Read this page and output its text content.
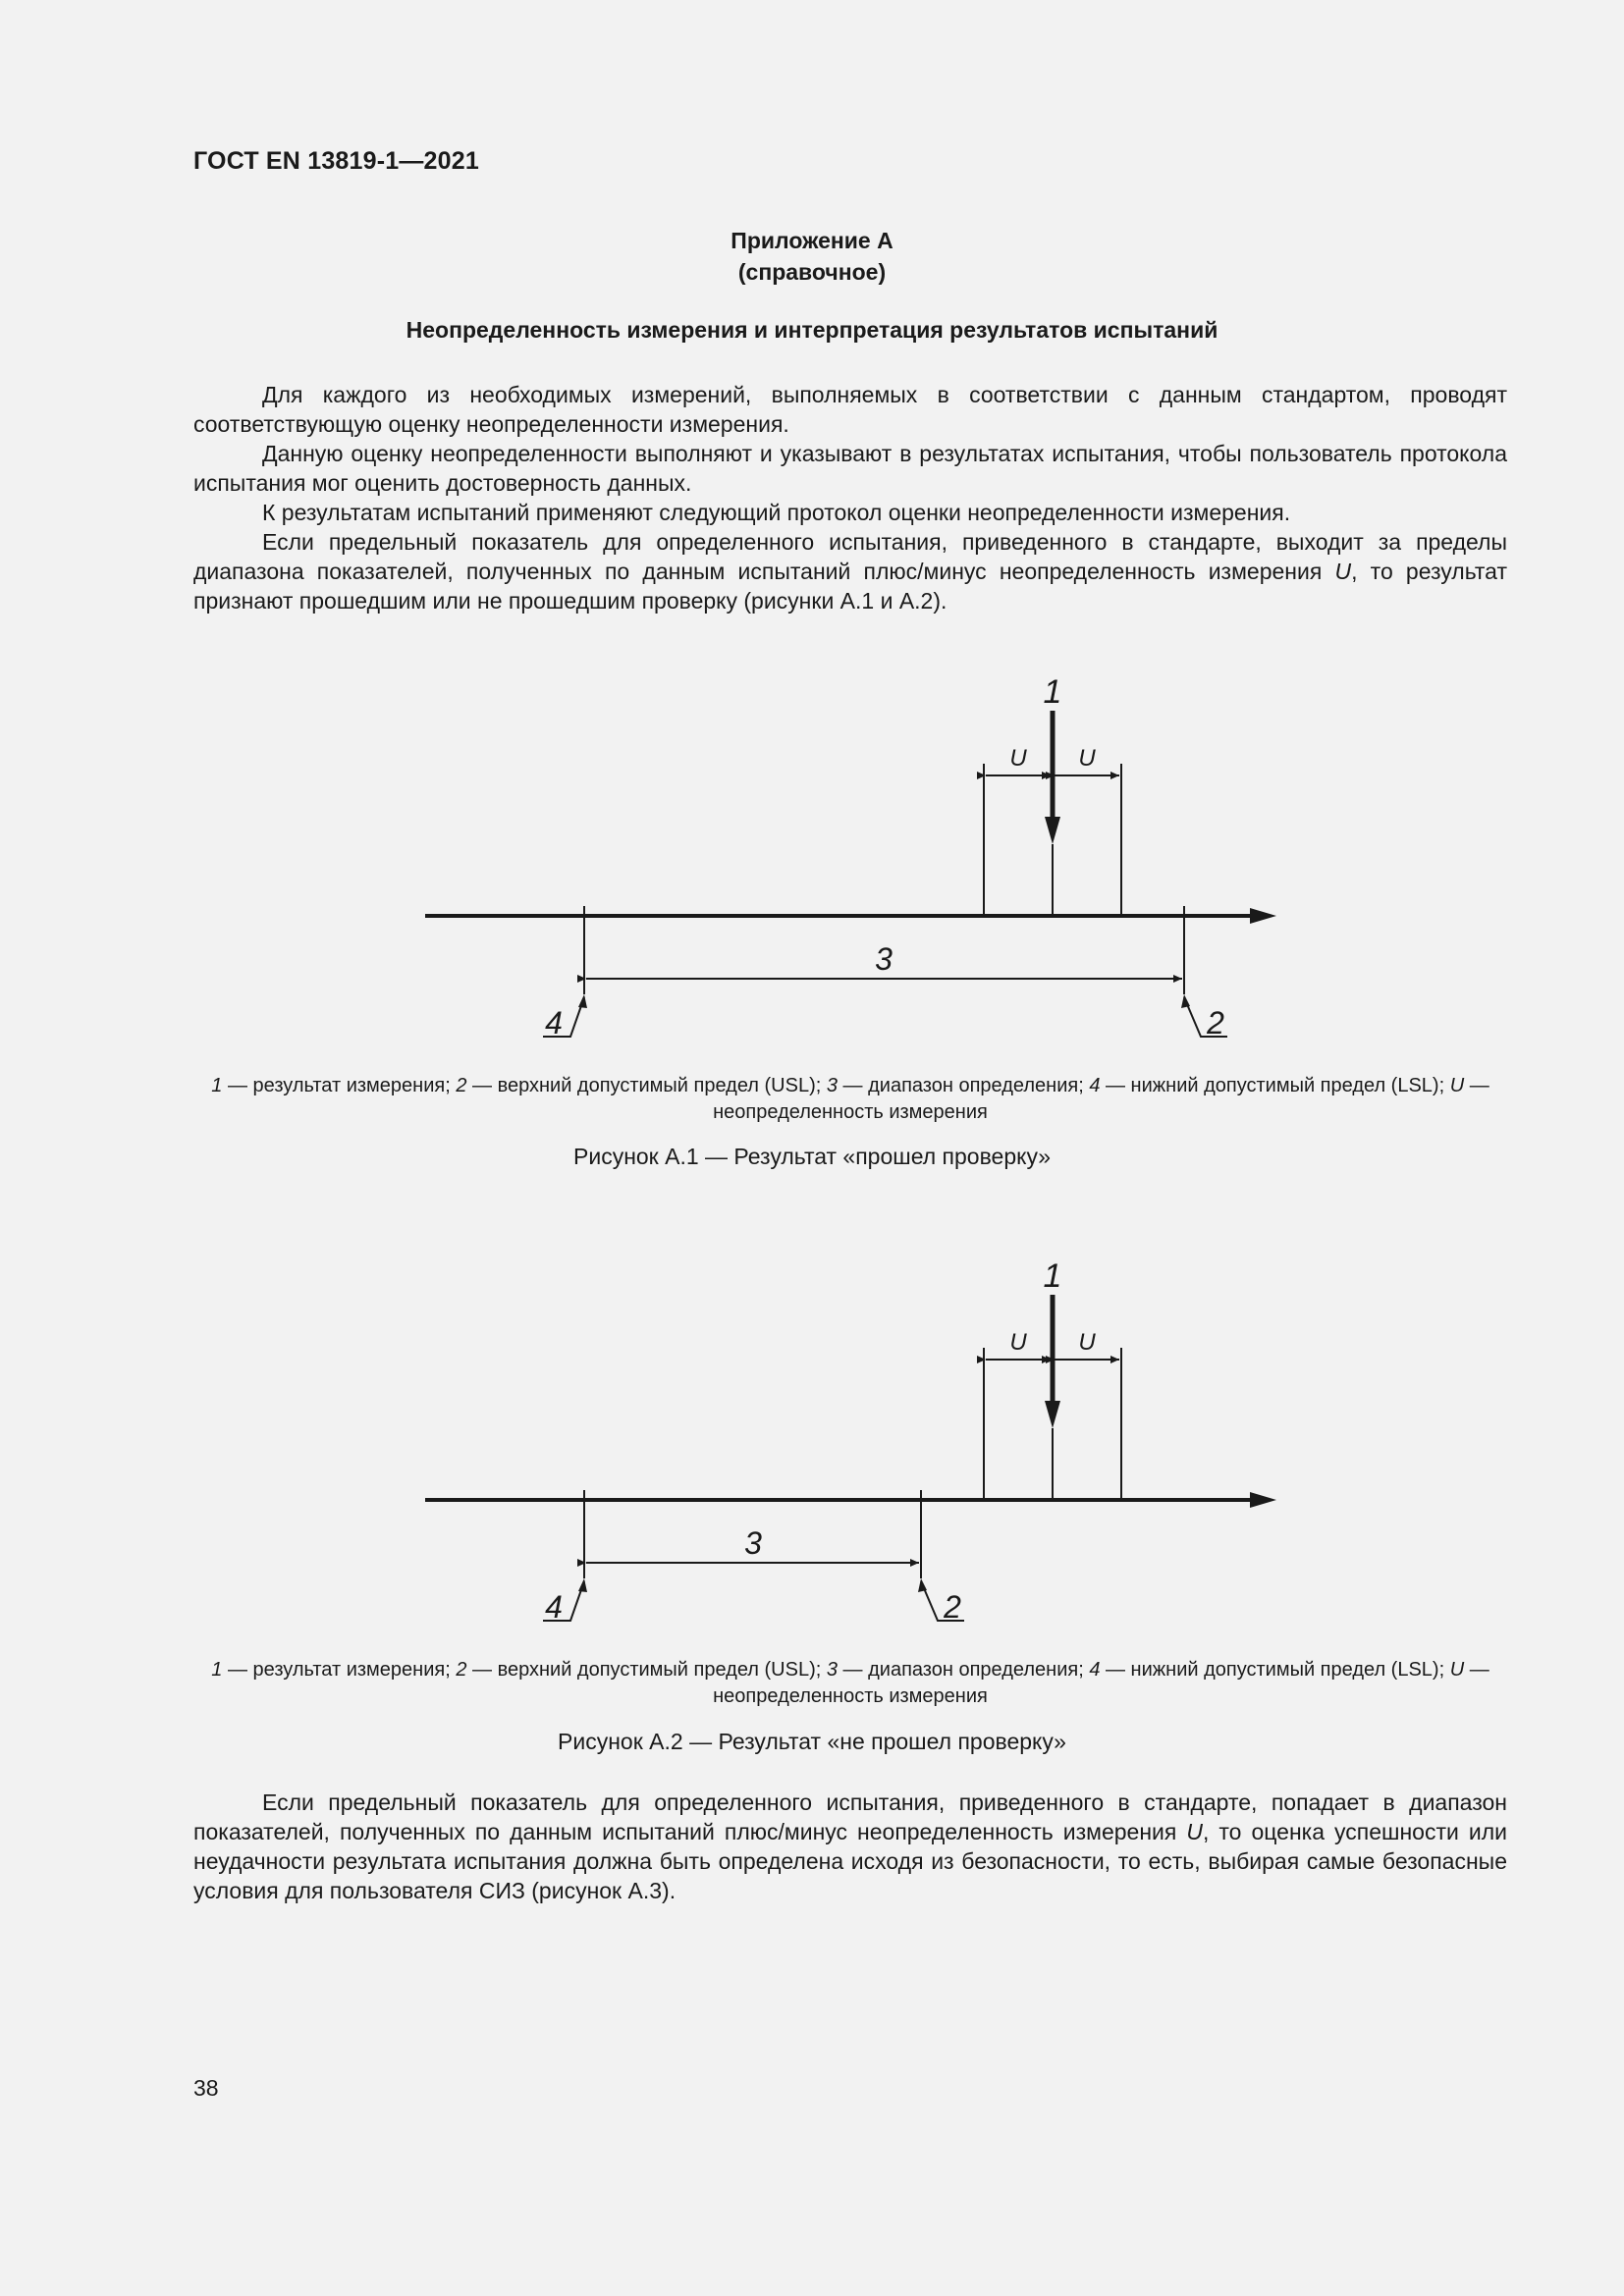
ГОСТ EN 13819-1—2021
Приложение А
(справочное)
Неопределенность измерения и интерпретация результатов испытаний

Для каждого из необходимых измерений, выполняемых в соответствии с данным стандартом, проводят соответствующую оценку неопределенности измерения.

Данную оценку неопределенности выполняют и указывают в результатах испытания, чтобы пользователь протокола испытания мог оценить достоверность данных.

К результатам испытаний применяют следующий протокол оценки неопределенности измерения.

Если предельный показатель для определенного испытания, приведенного в стандарте, выходит за пределы диапазона показателей, полученных по данным испытаний плюс/минус неопределенность измерения U, то результат признают прошедшим или не прошедшим проверку (рисунки А.1 и А.2).

1
U U
3
4	2
1 — результат измерения; 2 — верхний допустимый предел (USL); 3 — диапазон определения; 4 — нижний допустимый предел (LSL); U — неопределенность измерения
Рисунок А.1 — Результат «прошел проверку»
1
U U
3
4	2
1 — результат измерения; 2 — верхний допустимый предел (USL); 3 — диапазон определения; 4 — нижний допустимый предел (LSL); U — неопределенность измерения
Рисунок А.2 — Результат «не прошел проверку»

Если предельный показатель для определенного испытания, приведенного в стандарте, попадает в диапазон показателей, полученных по данным испытаний плюс/минус неопределенность измерения U, то оценка успешности или неудачности результата испытания должна быть определена исходя из безопасности, то есть, выбирая самые безопасные условия для пользователя СИЗ (рисунок А.3).

38
